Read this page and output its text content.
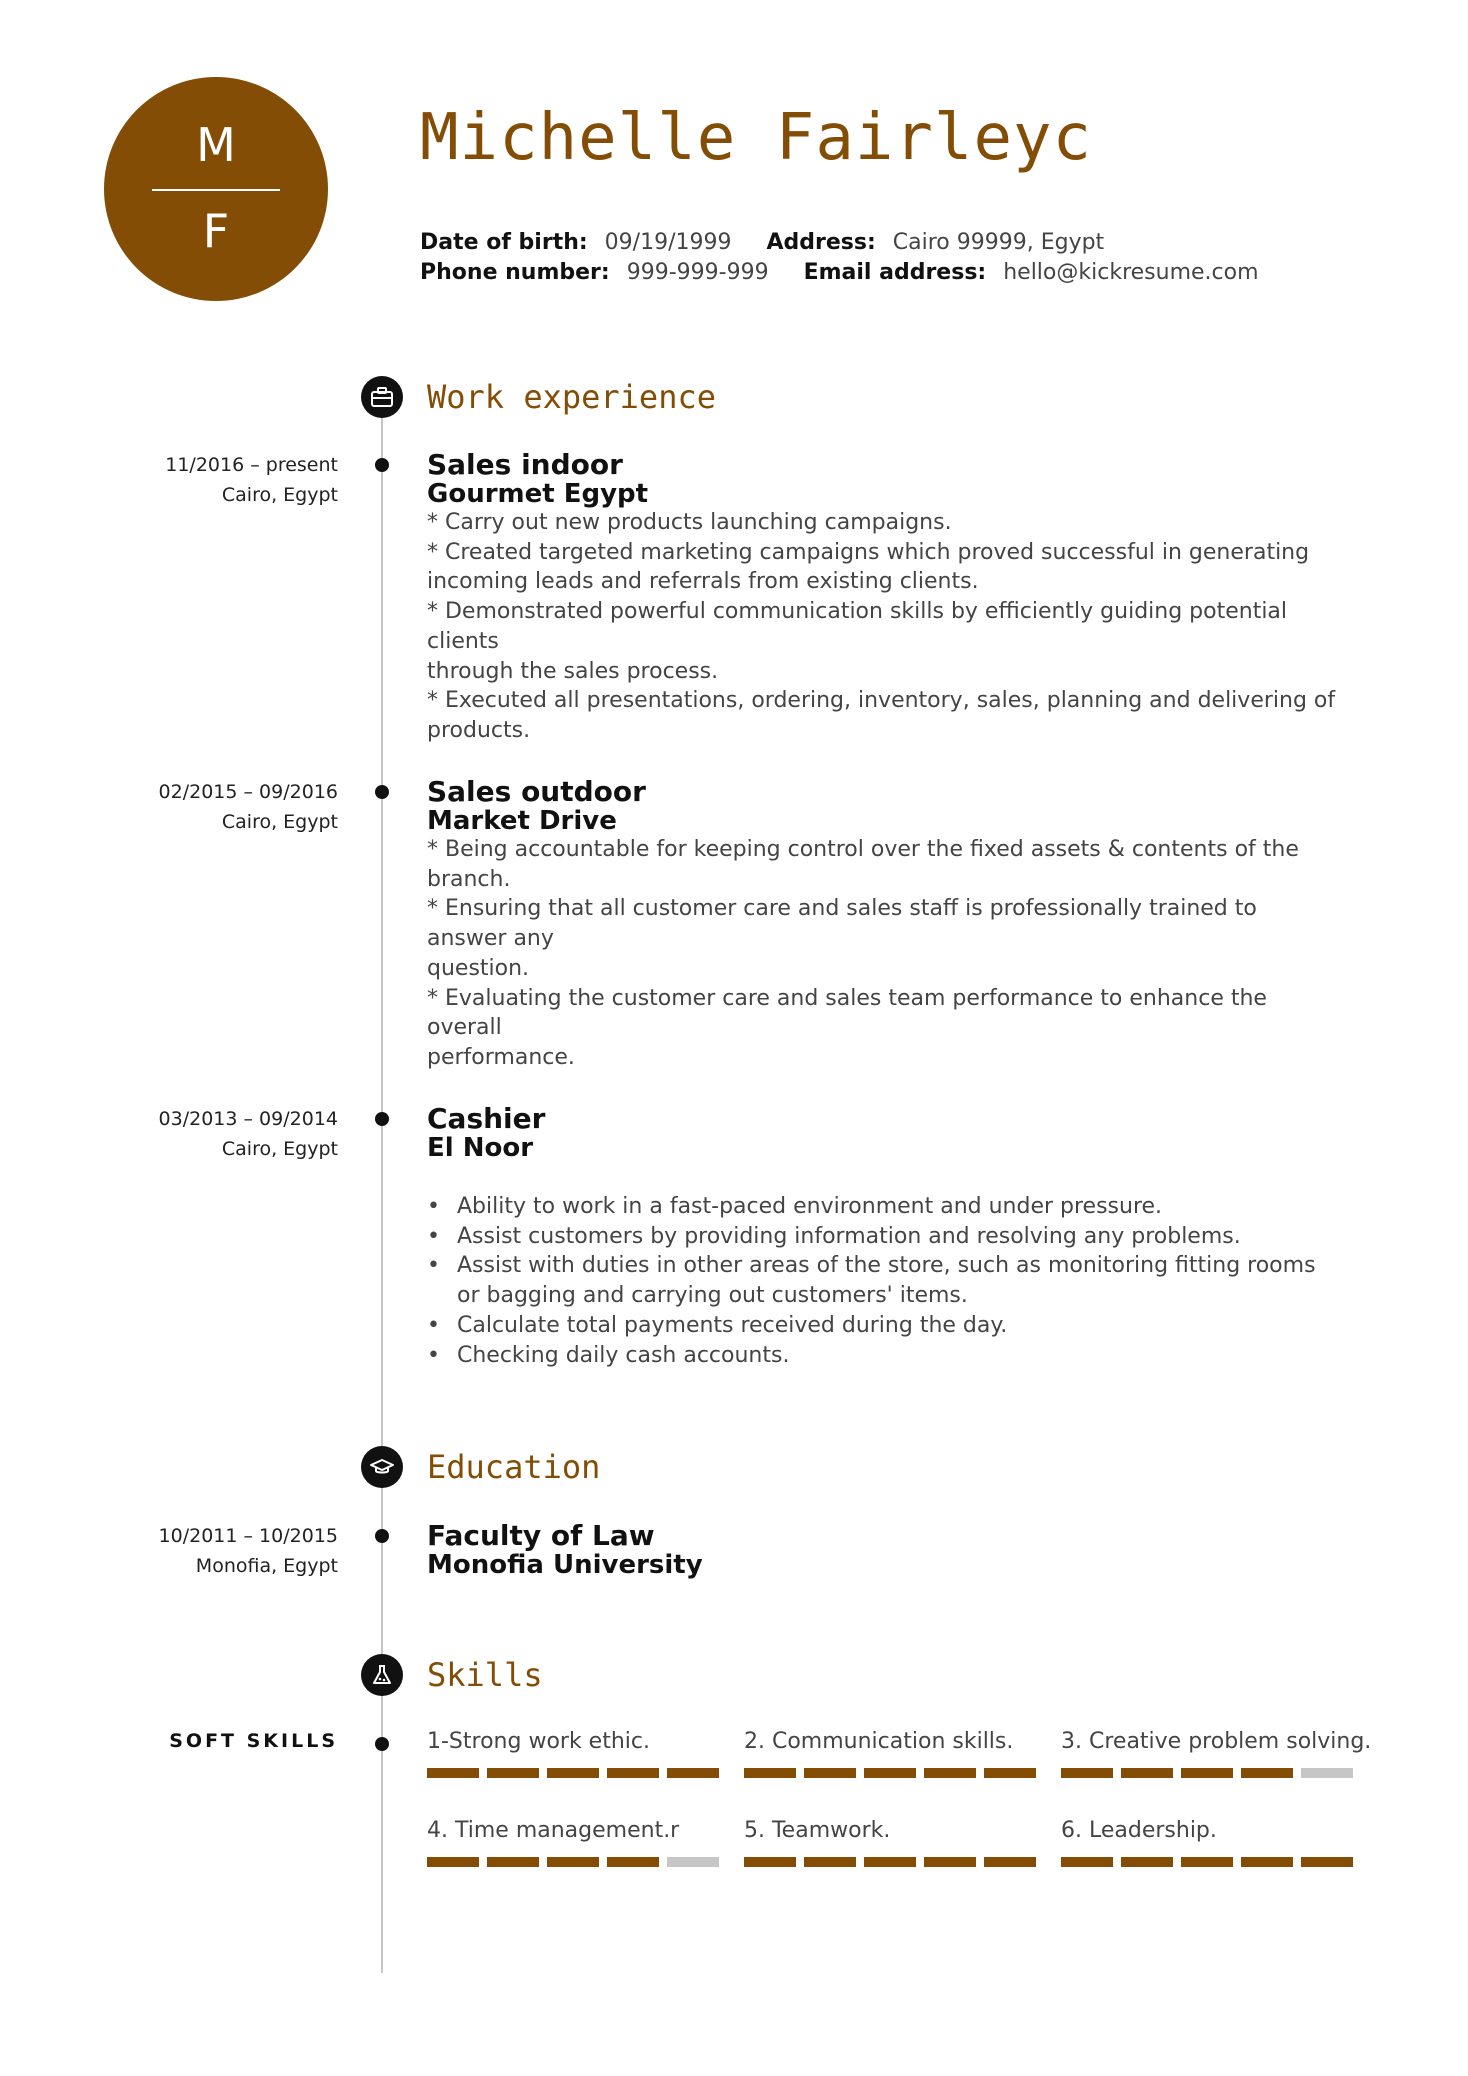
M
F
Michelle Fairleyc
Date of birth: 09/19/1999 Address: Cairo 99999, Egypt
Phone number: 999-999-999 Email address: hello@kickresume.com
Work experience
11/2016 – present
Cairo, Egypt
Sales indoor
Gourmet Egypt
* Carry out new products launching campaigns.
* Created targeted marketing campaigns which proved successful in generating
incoming leads and referrals from existing clients.
* Demonstrated powerful communication skills by efficiently guiding potential
clients
through the sales process.
* Executed all presentations, ordering, inventory, sales, planning and delivering of
products.
02/2015 – 09/2016
Cairo, Egypt
Sales outdoor
Market Drive
* Being accountable for keeping control over the fixed assets & contents of the
branch.
* Ensuring that all customer care and sales staff is professionally trained to
answer any
question.
* Evaluating the customer care and sales team performance to enhance the
overall
performance.
03/2013 – 09/2014
Cairo, Egypt
Cashier
El Noor
• Ability to work in a fast-paced environment and under pressure.
• Assist customers by providing information and resolving any problems.
• Assist with duties in other areas of the store, such as monitoring fitting rooms
or bagging and carrying out customers' items.
• Calculate total payments received during the day.
• Checking daily cash accounts.
Education
10/2011 – 10/2015
Monofia, Egypt
Faculty of Law
Monofia University
Skills
SOFT SKILLS	1-Strong work ethic.	2. Communication skills. 3. Creative problem solving.
4. Time management.r	5. Teamwork.	6. Leadership.
